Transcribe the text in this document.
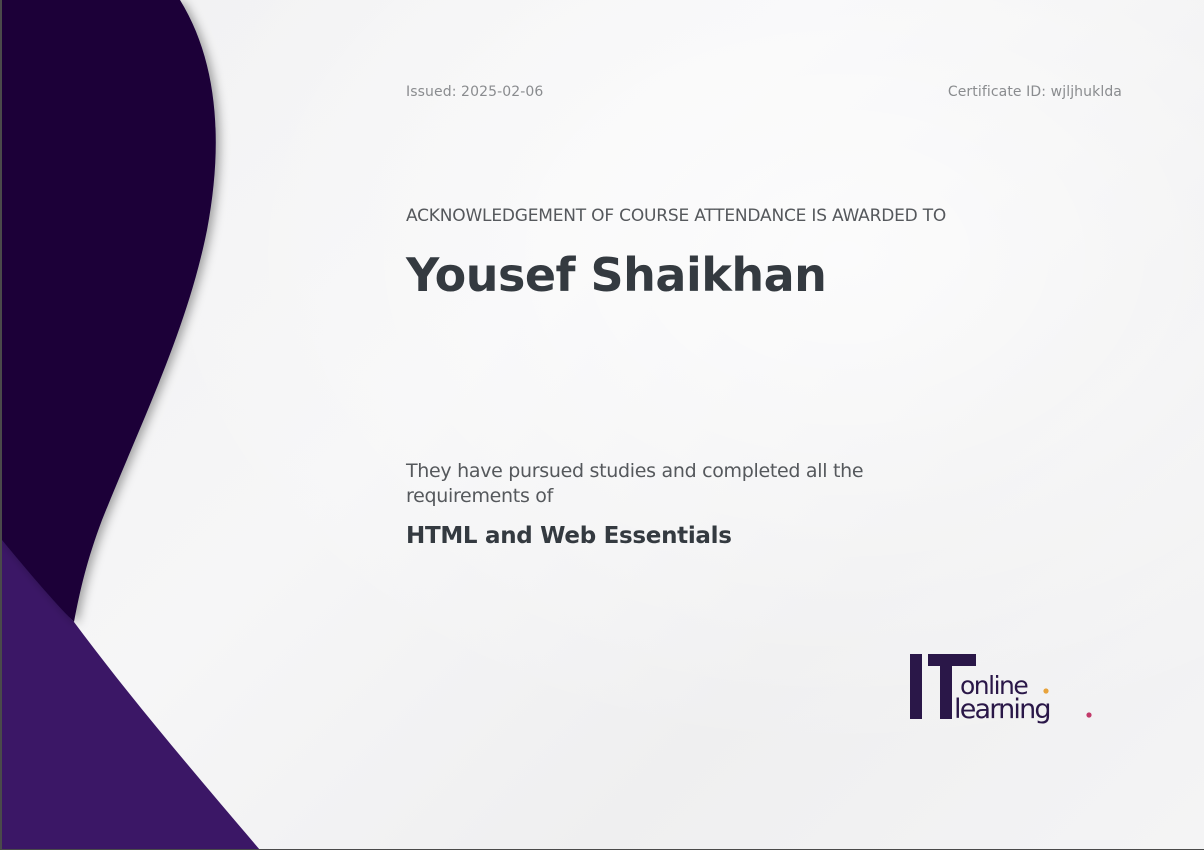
Issued: 2025-02-06	Certificate ID: wjljhuklda
ACKNOWLEDGEMENT OF COURSE ATTENDANCE IS AWARDED TO
Yousef Shaikhan
They have pursued studies and completed all the requirements of
HTML and Web Essentials
online
learning
